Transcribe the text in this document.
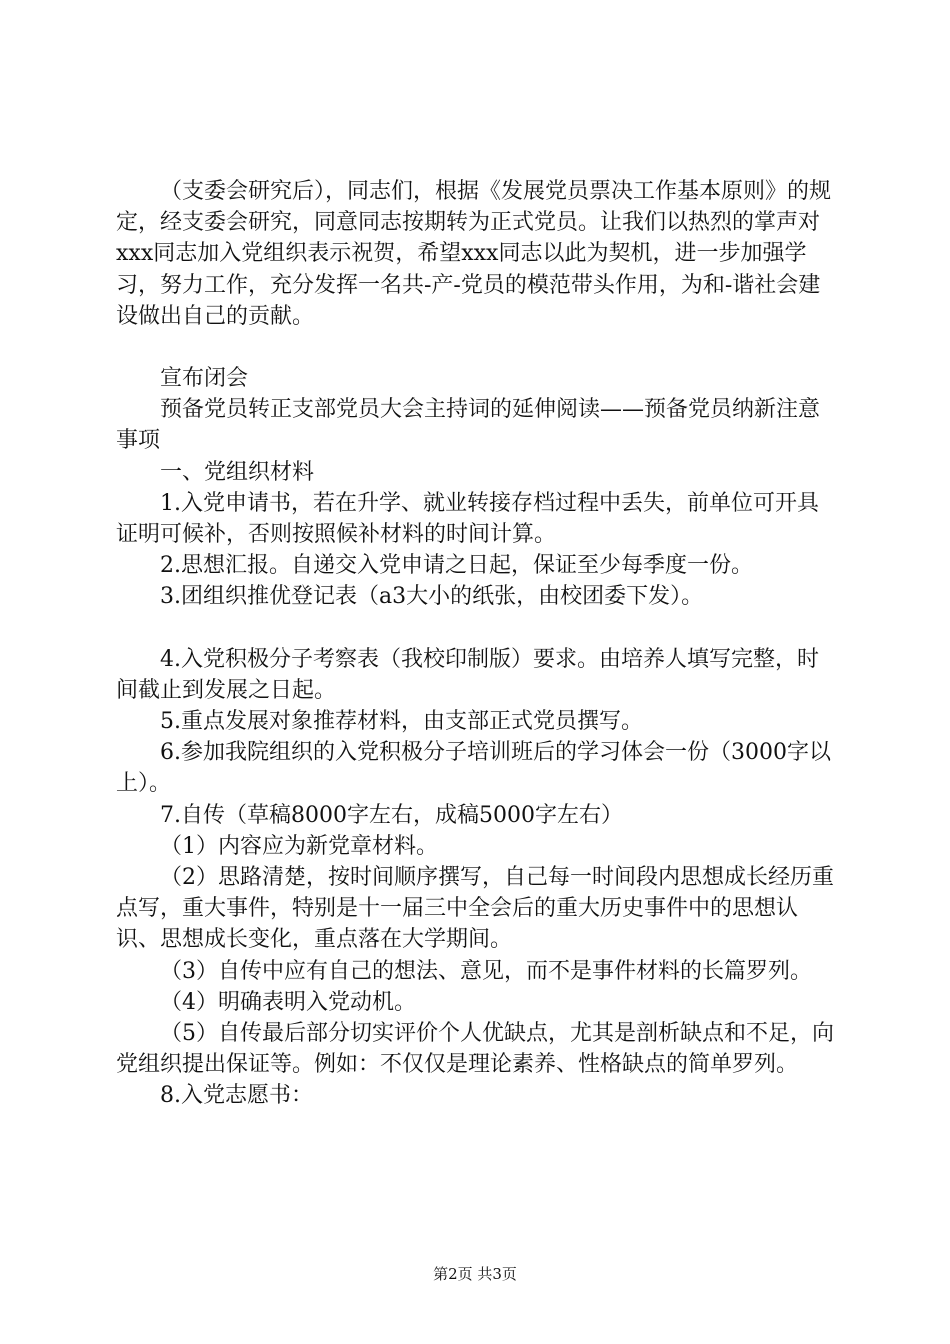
（支委会研究后），同志们，根据《发展党员票决工作基本原则》的规定，经支委会研究，同意同志按期转为正式党员。让我们以热烈的掌声对xxx同志加入党组织表示祝贺，希望xxx同志以此为契机，进一步加强学习，努力工作，充分发挥一名共-产-党员的模范带头作用，为和-谐社会建设做出自己的贡献。

宣布闭会

预备党员转正支部党员大会主持词的延伸阅读——预备党员纳新注意事项

一、党组织材料

1.入党申请书，若在升学、就业转接存档过程中丢失，前单位可开具证明可候补，否则按照候补材料的时间计算。

2.思想汇报。自递交入党申请之日起，保证至少每季度一份。

3.团组织推优登记表（a3大小的纸张，由校团委下发）。

4.入党积极分子考察表（我校印制版）要求。由培养人填写完整，时间截止到发展之日起。

5.重点发展对象推荐材料，由支部正式党员撰写。

6.参加我院组织的入党积极分子培训班后的学习体会一份（3000字以上）。

7.自传（草稿8000字左右，成稿5000字左右）

（1）内容应为新党章材料。

（2）思路清楚，按时间顺序撰写，自己每一时间段内思想成长经历重点写，重大事件，特别是十一届三中全会后的重大历史事件中的思想认识、思想成长变化，重点落在大学期间。

（3）自传中应有自己的想法、意见，而不是事件材料的长篇罗列。

（4）明确表明入党动机。

（5）自传最后部分切实评价个人优缺点，尤其是剖析缺点和不足，向党组织提出保证等。例如：不仅仅是理论素养、性格缺点的简单罗列。

8.入党志愿书：

第2页 共3页
